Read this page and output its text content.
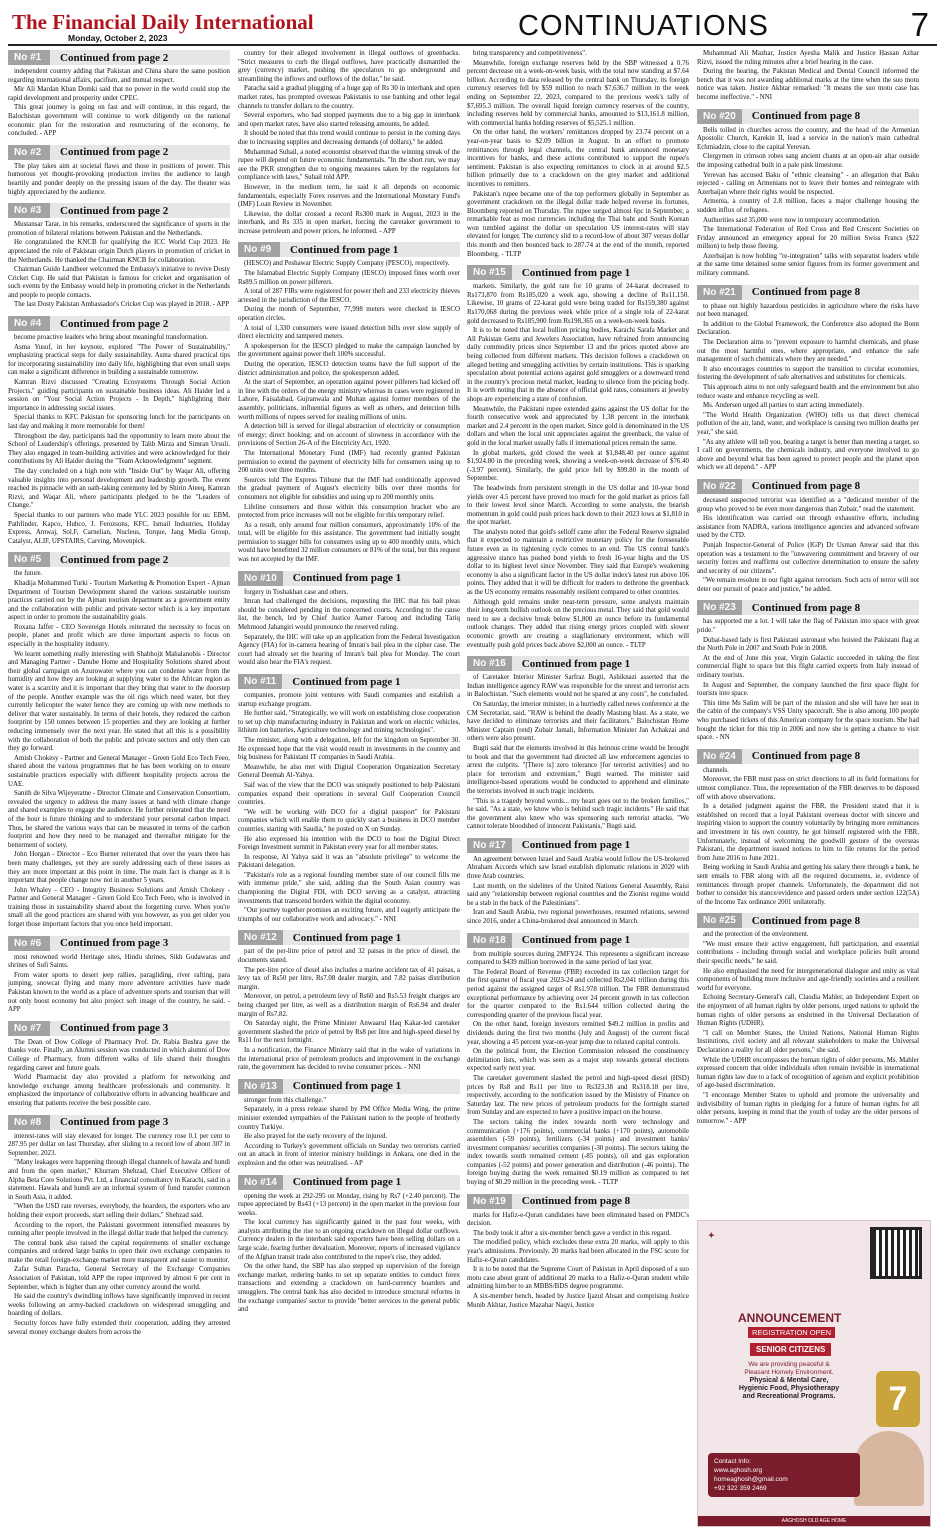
The Financial Daily International
Monday, October 2, 2023	CONTINUATIONS	7
No #1	Continued from page 2

independent country adding that Pakistan and China share the same position regarding international affairs, pacifism, and mutual respect.

Mir Ali Mardan Khan Domki said that no power in the world could stop the rapid development and prosperity under CPEC.

This great journey is going on fast and will continue, in this regard, the Balochistan government will continue to work diligently on the national economic plan for the restoration and restructuring of the economy, he concluded. - APP

No #2	Continued from page 2

The play takes aim at societal flaws and those in positions of power. This humorous yet thought-provoking production invites the audience to laugh heartily and ponder deeply on the pressing issues of the day. The theater was highly appreciated by the audience.

No #3	Continued from page 2

Mustansar Tarar, in his remarks, underscored the significance of sports in the promotion of bilateral relations between Pakistan and the Netherlands.

He congratulated the KNCB for qualifying the ICC World Cup 2023. He appreciated the role of Pakistan origin Dutch players in promotion of cricket in the Netherlands. He thanked the Chairman KNCB for collaboration.

Chairman Guido Landheer welcomed the Embassy's initiative to revive Dosty Cricket Cup. He said that Pakistan is famous for cricket and organisation of such events by the Embassy would help in promoting cricket in the Netherlands and people to people contacts.

The last Dosty Pakistan Ambassador's Cricket Cup was played in 2018. - APP

No #4	Continued from page 2

become proactive leaders who bring about meaningful transformation.

Asma Yusuf, in her keynote, explored "The Power of Sustainability," emphasizing practical steps for daily sustainability. Asma shared practical tips for incorporating sustainability into daily life, highlighting that even small steps can make a significant difference in building a sustainable tomorrow.

Kamran Rizvi discussed "Creating Ecosystems Through Social Action Projects," guiding participants on sustainable business ideas. Ali Haider led a session on "Your Social Action Projects - In Depth," highlighting their importance in addressing social issues.

Special thanks to KFC Pakistan for sponsoring lunch for the participants on last day and making it more memorable for them!

Throughout the day, participants had the opportunity to learn more about the School of Leadership's offerings, presented by Talib Mirza and Simran Ursuli. They also engaged in team-building activities and were acknowledged for their contributions by Ali Haider during the "Team Acknowledgment" segment.

The day concluded on a high note with "Inside Out" by Waqar Ali, offering valuable insights into personal development and leadership growth. The event reached its pinnacle with an oath-taking ceremony led by Shirin Ateeq, Kamran Rizvi, and Waqar Ali, where participants pledged to be the "Leaders of Change."

Special thanks to our partners who made YLC 2023 possible for us: EBM, Pathfinder, Kapco, Hubco, J. Ferozsons, KFC, Ismail Industries, Holiday Express, Amwaj, Sol.F, Carnelian, Nucleus, Torque, Jang Media Group, Catalyst, ALIF, UPSTAIRS, Carving, Movenpick.

No #5	Continued from page 2

the future.

Khadija Mohammed Turki - Tourism Marketing & Promotion Expert - Ajman Department of Tourism Development shared the various sustainable tourism practices carried out by the Ajman tourism department as a government entity and the collaboration with public and private sector which is a key important aspect in order to promote the sustainability goals.

Roxana Jaffer - CEO Sovereign Hotels reiterated the necessity to focus on people, planet and profit which are three important aspects to focus on especially in the hospitality industry.

We learnt something really interesting with Shabhojit Mahalanobis - Director and Managing Partner - Danube Home and Hospitality Solutions shared about their global campaign on Azurowater where you can condense water from the humidity and how they are looking at supplying water to the African region as water is a scarcity and it is important that they bring that water to the doorstep of the people. Another example was the oil rigs which need water, but they currently helicopter the water hence they are coming up with new methods to deliver that water sustainably. In terms of their hotels, they reduced the carbon footprint by 150 tonnes between 15 properties and they are looking at further reducing immensely over the next year. He stated that all this is a possibility with the collaboration of both the public and private sectors and only then can they go forward.

Amish Chokesy - Partner and General Manager - Green Gold Eco Tech Feeo, shared about the various programmes that he has been working on to ensure sustainable practices especially with different hospitality projects across the UAE.

Sanith de Silva Wijeyeratne - Director Climate and Conservation Consortium, revealed the urgency to address the many issues at hand with climate change and shared examples to engage the audience. He further reiterated that the need of the hour is future thinking and to understand your personal carbon impact. Thus, he shared the various ways that can be measured in terms of the carbon footprint and how they need to be managed and thereafter mitigate for the betterment of society.

John Horgan - Director - Eco Burner reiterated that over the years there has been many challenges, yet they are surely addressing each of these issues as they are more important at this point in time. The main fact is change as it is important that people change now not in another 5 years.

John Whaley - CEO - Integrity Business Solutions and Amish Chokesy - Partner and General Manager - Green Gold Eco Tech Feeo, who is involved in training those in sustainability shared about the forgetting curve. When you're small all the good practices are shared with you however, as you get older you forget those important factors that you once held important.

No #6	Continued from page 3

most renowned world Heritage sites, Hindu shrines, Sikh Gudawaras and shrines of Sufi Saints.

From water sports to desert jeep rallies, paragliding, river rafting, para jumping, snowcat flying and many more adventure activities have made Pakistan known to the world as a place of adventure sports and tourism that will not only boost economy but also project soft image of the country, he said. - APP

No #7	Continued from page 3

The Dean of Dow College of Pharmacy Prof. Dr. Rabia Bushra gave the thanks vote. Finally, an Alumni session was conducted in which alumni of Dow College of Pharmacy, from different walks of life shared their thoughts regarding career and future goals.

World Pharmacist day also provided a platform for networking and knowledge exchange among healthcare professionals and community. It emphasized the importance of collaborative efforts in advancing healthcare and ensuring that patients receive the best possible care.

No #8	Continued from page 3

interest-rates will stay elevated for longer. The currency rose 0.1 per cent to 287.95 per dollar on last Thursday, after sliding to a record low of about 307 in September, 2023.

"Many leakages were happening through illegal channels of hawala and hundi and from the open market," Khurram Shehzad, Chief Executive Officer of Alpha Beta Core Solutions Pvt. Ltd, a financial consultancy in Karachi, said in a statement. Hawala and hundi are an informal system of fund transfer common in South Asia, it added.

"When the USD rate reverses, everybody, the hoarders, the exporters who are holding their export proceeds, start selling their dollars," Shehzad said.

According to the report, the Pakistani government intensified measures by running after people involved in the illegal dollar trade that helped the currency.

The central bank also raised the capital requirements of smaller exchange companies and ordered large banks to open their own exchange companies to make the retail foreign-exchange market more transparent and easier to monitor.

Zafar Sultan Paracha, General Secretary of the Exchange Companies Association of Pakistan, told APP the rupee improved by almost 6 per cent in September, which is higher than any other currency around the world.

He said the country's dwindling inflows have significantly improved in recent weeks following an army-backed crackdown on widespread smuggling and hoarding of dollars.

Security forces have fully extended their cooperation, adding they arrested several money exchange dealers from across the

country for their alleged involvement in illegal outflows of greenbacks. "Strict measures to curb the illegal outflows, have practically dismantled the grey (currency) market, pushing the speculators to go underground and streamlining the inflows and outflows of the dollar," he said.

Paracha said a gradual plugging of a huge gap of Rs 30 in interbank and open market rates, has prompted overseas Pakistanis to use banking and other legal channels to transfer dollars to the country.

Several exporters, who had stopped payments due to a big gap in interbank and open market rates, have also started releasing amounts, he added.

It should be noted that this trend would continue to persist in the coming days due to increasing supplies and decreasing demands (of dollars)," he added.

Muhammad Suhail, a noted economist observed that the winning streak of the rupee will depend on future economic fundamentals. "In the short run, we may see the PKR strengthen due to ongoing measures taken by the regulators for compliance with laws," Suhail told APP.

However, in the medium term, he said it all depends on economic fundamentals, especially Forex reserves and the International Monetary Fund's (IMF) Loan Review in November.

Likewise, the dollar crossed a record Rs300 mark in August, 2023 in the interbank, and Rs 335 in open market, forcing the caretaker government to increase petroleum and power prices, he informed. - APP

No #9	Continued from page 1

(HESCO) and Peshawar Electric Supply Company (PESCO), respectively.

The Islamabad Electric Supply Company (IESCO) imposed fines worth over Rs89.5 million on power pilferers.

A total of 287 FIRs were registered for power theft and 233 electricity thieves arrested in the jurisdiction of the IESCO.

During the month of September, 77,998 meters were checked in IESCO operation circles.

A total of 1,330 consumers were issued detection bills over slow supply of direct electricity and tampered meters.

A spokesperson for the IESCO pledged to make the campaign launched by the government against power theft 100% successful.

During the operation, IESCO detection teams have the full support of the district administration and police, the spokesperson added.

At the start of September, an operation against power pilferers had kicked off in line with the orders of the energy ministry whereas in cases were registered in Lahore, Faisalabad, Gujranwala and Multan against former members of the assembly, politicians, influential figures as well as others, and detection bills worth millions of rupees served for stealing millions of units.

A detection bill is served for illegal abstraction of electricity or consumption of energy; direct hooking; and on account of slowness in accordance with the provisions of Section 26-A of the Electricity Act, 1920.

The International Monetary Fund (IMF) had recently granted Pakistan permission to extend the payment of electricity bills for consumers using up to 200 units over three months.

Sources told The Express Tribune that the IMF had conditionally approved the gradual payment of August's electricity bills over three months for consumers not eligible for subsidies and using up to 200 monthly units.

Lifeline consumers and those within this consumption bracket who are protected from price increases will not be eligible for this temporary relief.

As a result, only around four million consumers, approximately 10% of the total, will be eligible for this assistance. The government had initially sought permission to stagger bills for consumers using up to 400 monthly units, which would have benefitted 32 million consumers or 81% of the total, but this request was not accepted by the IMF.

No #10	Continued from page 1

forgery in Toshakhan case and others.

Imran had challenged the decisions, requesting the IHC that his bail pleas should be considered pending in the concerned courts. According to the cause list, the bench, led by Chief Justice Aamer Farooq and including Tariq Mehmood Jahangiri would pronounce the reserved ruling.

Separately, the IHC will take up an application from the Federal Investigation Agency (FIA) for in-camera hearing of Imran's bail plea in the cipher case. The court had already set the hearing of Imran's bail plea for Monday. The court would also hear the FIA's request.

No #11	Continued from page 1

companies, promote joint ventures with Saudi companies and establish a startup exchange program.

He further said, "Strategically, we will work on establishing close cooperation to set up chip manufacturing industry in Pakistan and work on electric vehicles, lithium ion batteries, Agriculture technology and mining technologies".

The minister, along with a delegation, left for the kingdom on September 30. He expressed hope that the visit would result in investments in the country and big business for Pakistani IT companies in Saudi Arabia.

Meanwhile, he also met with Digital Cooperation Organization Secretary General Deemah Al-Yahya.

Saif was of the view that the DCO was uniquely positioned to help Pakistani companies expand their operations in several Gulf Cooperation Council countries.

"We will be working with DCO for a digital passport" for Pakistani companies which will enable them to quickly start a business in DCO member countries, starting with Saudia," he posted on X on Sunday.

He also expressed his intention with the DCO to host the Digital Direct Foreign Investment summit in Pakistan every year for all member states.

In response, Al Yahya said it was an "absolute privilege" to welcome the Pakistani delegation.

"Pakistan's role as a regional founding member state of our council fills me with immense pride," she said, adding that the South Asian country was championing the Digital FDI, with DCO serving as a catalyst, attracting investments that transcend borders within the digital economy.

"Our journey together promises an exciting future, and I eagerly anticipate the triumphs of our collaborative work and advocacy." - NNI

No #12	Continued from page 1

part of the per-litre price of petrol and 32 paisas in the price of diesel, the documents stated.

The per-litre price of diesel also includes a marine accident tax of 41 paisas, a levy tax of Rs50 per litre, Rs7.08 dealer margin, and 7.82 paisas distribution margin.

Moreover, on petrol, a petroleum levy of Rs60 and Rs5.53 freight charges are being charged per litre, as well as a distribution margin of Rs6.94 and dealer margin of Rs7.82.

On Saturday night, the Prime Minister Anwaarul Haq Kakar-led caretaker government slashed the price of petrol by Rs8 per litre and high-speed diesel by Rs11 for the next fortnight.

In a notification, the Finance Ministry said that in the wake of variations in the international price of petroleum products and improvement in the exchange rate, the government has decided to revise consumer prices. - NNI

No #13	Continued from page 1

stronger from this challenge."

Separately, in a press release shared by PM Office Media Wing, the prime minister extended sympathies of the Pakistani nation to the people of brotherly country Turkiye.

He also prayed for the early recovery of the injured.

According to Turkey's government officials on Sunday two terrorists carried out an attack in front of interior ministry buildings in Ankara, one died in the explosion and the other was neutralised. - AP

No #14	Continued from page 1

opening the week at 292-295 on Monday, rising by Rs7 (+2.40 percent). The rupee appreciated by Rs43 (+13 percent) in the open market in the previous four weeks.

The local currency has significantly gained in the past four weeks, with analysts attributing the rise to an ongoing crackdown on illegal dollar outflows. Currency dealers in the interbank said exporters have been selling dollars on a large scale, fearing further devaluation. Moreover, reports of increased vigilance of the Afghan transit trade also contributed to the rupee's rise, they added.

On the other hand, the SBP has also stepped up supervision of the foreign exchange market, ordering banks to set up separate entities to conduct forex transactions and extending a crackdown on hard-currency hoarders and smugglers. The central bank has also decided to introduce structural reforms in the exchange companies' sector to provide "better services to the general public and

bring transparency and competitiveness".

Meanwhile, foreign exchange reserves held by the SBP witnessed a 0.76 percent decrease on a week-on-week basis, with the total now standing at $7.64 billion. According to data released by the central bank on Thursday, its foreign currency reserves fell by $59 million to reach $7,636.7 million in the week ending on September 22, 2023, compared to the previous week's tally of $7,695.3 million. The overall liquid foreign currency reserves of the country, including reserves held by commercial banks, amounted to $13,161.8 million, with commercial banks holding reserves of $5,525.1 million.

On the other hand, the workers' remittances dropped by 23.74 percent on a year-on-year basis to $2.09 billion in August. In an effort to promote remittances through legal channels, the central bank announced monetary incentives for banks, and these actions contributed to support the rupee's sentiment. Pakistan is also expecting remittances to clock in at around $2.5 billion primarily due to a crackdown on the grey market and additional incentives to remitters.

Pakistan's rupee became one of the top performers globally in September as government crackdown on the illegal dollar trade helped reverse its fortunes, Bloomberg reported on Thursday. The rupee surged almost 6pc in September, a remarkable feat as most currencies including the Thai baht and South Korean won tumbled against the dollar on speculation US interest-rates will stay elevated for longer. The currency slid to a record-low of about 307 versus dollar this month and then bounced back to 287.74 at the end of the month, reported Bloomberg. - TLTP

No #15	Continued from page 1

markets. Similarly, the gold rate for 10 grams of 24-karat decreased to Rs173,870 from Rs185,020 a week ago, showing a decline of Rs11,150. Likewise, 10 grams of 22-karat gold were being traded for Rs159,380 against Rs170,068 during the previous week while price of a single tola of 22-karat gold decreased to Rs185,900 from Rs198,365 on a week-on-week basis.

It is to be noted that local bullion pricing bodies, Karachi Sarafa Market and All Pakistan Gems and Jewelers Association, have refrained from announcing daily commodity prices since September 13 and the prices quoted above are being collected from different markets. This decision follows a crackdown on alleged betting and smuggling activities by certain institutions. This is sparking speculation about potential actions against gold smugglers or a downward trend in the country's precious metal market, leading to silence from the pricing body. It is worth noting that in the absence of official gold rates, consumers at jewelry shops are experiencing a state of confusion.

Meanwhile, the Pakistani rupee extended gains against the US dollar for the fourth consecutive week and appreciated by 1.38 percent in the interbank market and 2.4 percent in the open market. Since gold is denominated in the US dollars and when the local unit appreciates against the greenback, the value of gold in the local market usually falls if international prices remain the same.

In global markets, gold closed the week at $1,848.40 per ounce against $1,924.80 in the preceding week, showing a week-on-week decrease of $76.40 (-3.97 percent). Similarly, the gold price fell by $99.80 in the month of September.

The headwinds from persistent strength in the US dollar and 10-year bond yields over 4.5 percent have proved too much for the gold market as prices fall to their lowest level since March. According to some analysts, the bearish momentum in gold could push prices back down to their 2023 lows at $1,810 in the spot market.

The analysts noted that gold's selloff came after the Federal Reserve signaled that it expected to maintain a restrictive monetary policy for the foreseeable future even as its tightening cycle comes to an end. The US central bank's aggressive stance has pushed bond yields to fresh 16-year highs and the US dollar to its highest level since November. They said that Europe's weakening economy is also a significant factor in the US dollar index's latest run above 106 points. They added that it will be difficult for traders to dethrone the greenback as the US economy remains reasonably resilient compared to other countries.

Although gold remains under near-term pressure, some analysts maintain their long-term bullish outlook on the precious metal. They said that gold would need to see a decisive break below $1,800 an ounce before its fundamental outlook changes. They added that rising energy prices coupled with slower economic growth are creating a stagflationary environment, which will eventually push gold prices back above $2,000 an ounce. - TLTP

No #16	Continued from page 1

of Caretaker Interior Minister Sarfraz Bugti, Ashiknazi asserted that the Indian intelligence agency RAW was responsible for the unrest and terrorist acts in Balochistan. "Such elements would not be spared at any costs", he concluded.

On Saturday, the interior minister, in a hurriedly called news conference at the CM Secretariat, said, "RAW is behind the deadly Mastung blast. As a state, we have decided to eliminate terrorists and their facilitators." Balochistan Home Minister Captain (retd) Zubair Jamali, Information Minister Jan Achakzai and others were also present.

Bugti said that the elements involved in this heinous crime would be brought to book and that the government had directed all law enforcement agencies to arrest the culprits. "[There is] zero tolerance [for terrorist activities] and no place for terrorism and extremism," Bugti warned. The minister said intelligence-based operations would be conducted to apprehend and eliminate the terrorists involved in such tragic incidents.

"This is a tragedy beyond words... my heart goes out to the broken families," he said. "As a state, we know who is behind such tragic incidents." He said that the government also knew who was sponsoring such terrorist attacks. "We cannot tolerate bloodshed of innocent Pakistanis," Bugti said.

No #17	Continued from page 1

An agreement between Israel and Saudi Arabia would follow the US-brokered Abraham Accords which saw Israel establish diplomatic relations in 2020 with three Arab countries.

Last month, on the sidelines of the United Nations General Assembly, Raisi said any "relationship between regional countries and the Zionist regime would be a stab in the back of the Palestinians".

Iran and Saudi Arabia, two regional powerhouses, resumed relations, severed since 2016, under a China-brokered deal announced in March.

No #18	Continued from page 1

from multiple sources during 2MFY24. This represents a significant increase compared to $439 million borrowed in the same period of last year.

The Federal Board of Revenue (FBR) exceeded its tax collection target for the first quarter of fiscal year 2023-24 and collected Rs2,041 trillion during this period against the assigned target of Rs1.978 trillion. The FBR demonstrated exceptional performance by achieving over 24 percent growth in tax collection for the quarter compared to the Rs1.644 trillion collected during the corresponding quarter of the previous fiscal year.

On the other hand, foreign investors remitted $49.2 million in profits and dividends during the first two months (July and August) of the current fiscal year, showing a 45 percent year-on-year jump due to relaxed capital controls.

On the political front, the Election Commission released the constituency delimitation lists, which was seen as a major step towards general elections expected early next year.

The caretaker government slashed the petrol and high-speed diesel (HSD) prices by Rs8 and Rs11 per litre to Rs323.38 and Rs318.18 per litre, respectively, according to the notification issued by the Ministry of Finance on Saturday last. The new prices of petroleum products for the fortnight started from Sunday and are expected to have a positive impact on the bourse.

The sectors taking the index towards north were technology and communication (+176 points), commercial banks (+170 points), automobile assemblers (-59 points), fertilizers (-34 points) and investment banks/ investment companies/ securities companies (-30 points). The sectors taking the index towards south remained cement (-85 points), oil and gas exploration companies (-52 points) and power generation and distribution (-46 points). The foreign buying during the week remained $0.19 million as compared to net buying of $0.29 million in the preceding week. - TLTP

No #19	Continued from page 8

marks for Hafiz-e-Quran candidates have been eliminated based on PMDC's decision.

The body took it after a six-member bench gave a verdict in this regard.

The modified policy, which excludes these extra 20 marks, will apply to this year's admissions. Previously, 20 marks had been allocated in the FSC score for Hafiz-e-Quran candidates.

It is to be noted that the Supreme Court of Pakistan in April disposed of a suo motu case about grant of additional 20 marks to a Hafiz-e-Quran student while admitting him/her to an MBBS/BDS degree programme.

A six-member bench, headed by Justice Ijazul Ahsan and comprising Justice Munib Akhtar, Justice Mazahar Naqvi, Justice

Muhammad Ali Mazhar, Justice Ayesha Malik and Justice Hassan Azhar Rizvi, issued the ruling minutes after a brief hearing in the case.

During the hearing, the Pakistan Medical and Dental Council informed the bench that it was not awarding additional marks at the time when the suo motu notice was taken. Justice Akhtar remarked: "It means the suo motu case has become ineffective." - NNI

No #20	Continued from page 8

Bells tolled in churches across the country, and the head of the Armenian Apostolic Church, Karekin II, lead a service in the nation's main cathedral Echmiadzin, close to the capital Yerevan.

Clergymen in crimson robes sang ancient chants at an open-air altar outside the imposing cathedral built in a pale pink limestone.

Yerevan has accused Baku of "ethnic cleansing" - an allegation that Baku rejected - calling on Armenians not to leave their homes and reintegrate with Azerbaijan where their rights would be respected.

Armenia, a country of 2.8 million, faces a major challenge housing the sudden influx of refugees.

Authorities said 35,000 were now in temporary accommodation.

The International Federation of Red Cross and Red Crescent Societies on Friday announced an emergency appeal for 20 million Swiss Francs ($22 million) to help those fleeing.

Azerbaijan is now holding "re-integration" talks with separatist leaders while at the same time detained some senior figures from its former government and military command.

No #21	Continued from page 8

to phase out highly hazardous pesticides in agriculture where the risks have not been managed.

In addition to the Global Framework, the Conference also adopted the Bonn Declaration.

The Declaration aims to "prevent exposure to harmful chemicals, and phase out the most harmful ones, where appropriate, and enhance the safe management of such chemicals where they are needed."

It also encourages countries to support the transition to circular economies, fostering the development of safe alternatives and substitutes for chemicals.

This approach aims to not only safeguard health and the environment but also reduce waste and enhance recycling as well.

Ms. Andersen urged all parties to start acting immediately.

"The World Health Organization (WHO) tells us that direct chemical pollution of the air, land, water, and workplace is causing two million deaths per year," she said.

"As any athlete will tell you, beating a target is better than meeting a target, so I call on governments, the chemicals industry, and everyone involved to go above and beyond what has been agreed to protect people and the planet upon which we all depend." - APP

No #22	Continued from page 8

deceased suspected terrorist was identified as a "dedicated member of the group who proved to be even more dangerous than Zubair," read the statement.

His identification was carried out through exhaustive efforts, including assistance from NADRA, various intelligence agencies and advanced software used by the CTD.

Punjab Inspector-General of Police (IGP) Dr Usman Anwar said that this operation was a testament to the "unwavering commitment and bravery of our security forces and reaffirms our collective determination to ensure the safety and security of our citizens".

"We remain resolute in our fight against terrorism. Such acts of terror will not deter our pursuit of peace and justice," he added.

No #23	Continued from page 8

has supported me a lot. I will take the flag of Pakistan into space with great pride."

Dubai-based lady is first Pakistani astronaut who hoisted the Pakistani flag at the North Pole in 2007 and South Pole in 2008.

At the end of June this year, Virgin Galactic succeeded in taking the first commercial flight to space but this flight carried experts from Italy instead of ordinary tourists.

In August and September, the company launched the first space flight for tourists into space.

This time Ms Salim will be part of the mission and she will have her seat in the cabin of the company's VSS Unity spacecraft. She is also among 100 people who purchased tickets of this American company for the space tourism. She had bought the ticket for this trip in 2006 and now she is getting a chance to visit space. - NN

No #24	Continued from page 8

channels.

Moreover, the FBR must pass on strict directions to all its field formations for utmost compliance. Thus, the representation of the FBR deserves to be disposed off with above observations.

In a detailed judgment against the FBR, the President stated that it is established on record that a loyal Pakistani overseas doctor with sincere and inspiring vision to support the country voluntarily by bringing more remittances and investment in his own country, he got himself registered with the FBR. Unfortunately, instead of welcoming the goodwill gesture of the overseas Pakistani, the department issued notices to him to file returns for the period from June 2016 to June 2021.

Being working in Saudi Arabia and getting his salary there through a bank, he sent emails to FBR along with all the required documents, ie, evidence of remittances through proper channels. Unfortunately, the department did not bother to consider his stance/evidence and passed orders under section 122(5A) of the Income Tax ordinance 2001 unilaterally.

No #25	Continued from page 8

and the protection of the environment.

"We must ensure their active engagement, full participation, and essential contributions - including through social and workplace policies built around their specific needs," he said.

He also emphasized the need for intergenerational dialogue and unity as vital components of building more inclusive and age-friendly societies and a resilient world for everyone.

Echoing Secretary-General's call, Claudia Mahler, an Independent Expert on the enjoyment of all human rights by older persons, urged nations to uphold the human rights of older persons as enshrined in the Universal Declaration of Human Rights (UDHR).

"I call on Member States, the United Nations, National Human Rights Institutions, civil society and all relevant stakeholders to make the Universal Declaration a reality for all older persons," she said.

While the UDHR encompasses the human rights of older persons, Ms. Mahler expressed concern that older individuals often remain invisible in international human rights law due to a lack of recognition of ageism and explicit prohibition of age-based discrimination.

"I encourage Member States to uphold and promote the universality and indivisibility of human rights in pledging for a future of human rights for all older persons, keeping in mind that the youth of today are the older persons of tomorrow." - APP

✦
ANNOUNCEMENT
REGISTRATION OPEN
SENIOR CITIZENS
We are providing peaceful &
Pleasant Homely Environment.
Physical & Mental Care,
Hygienic Food, Physiotherapy
and Recreational Programs.	7
Contact Info:
www.aghosh.org
homeaghosh@gmail.com
+92 322 359 2469
AAGHOSH OLD AGE HOME
